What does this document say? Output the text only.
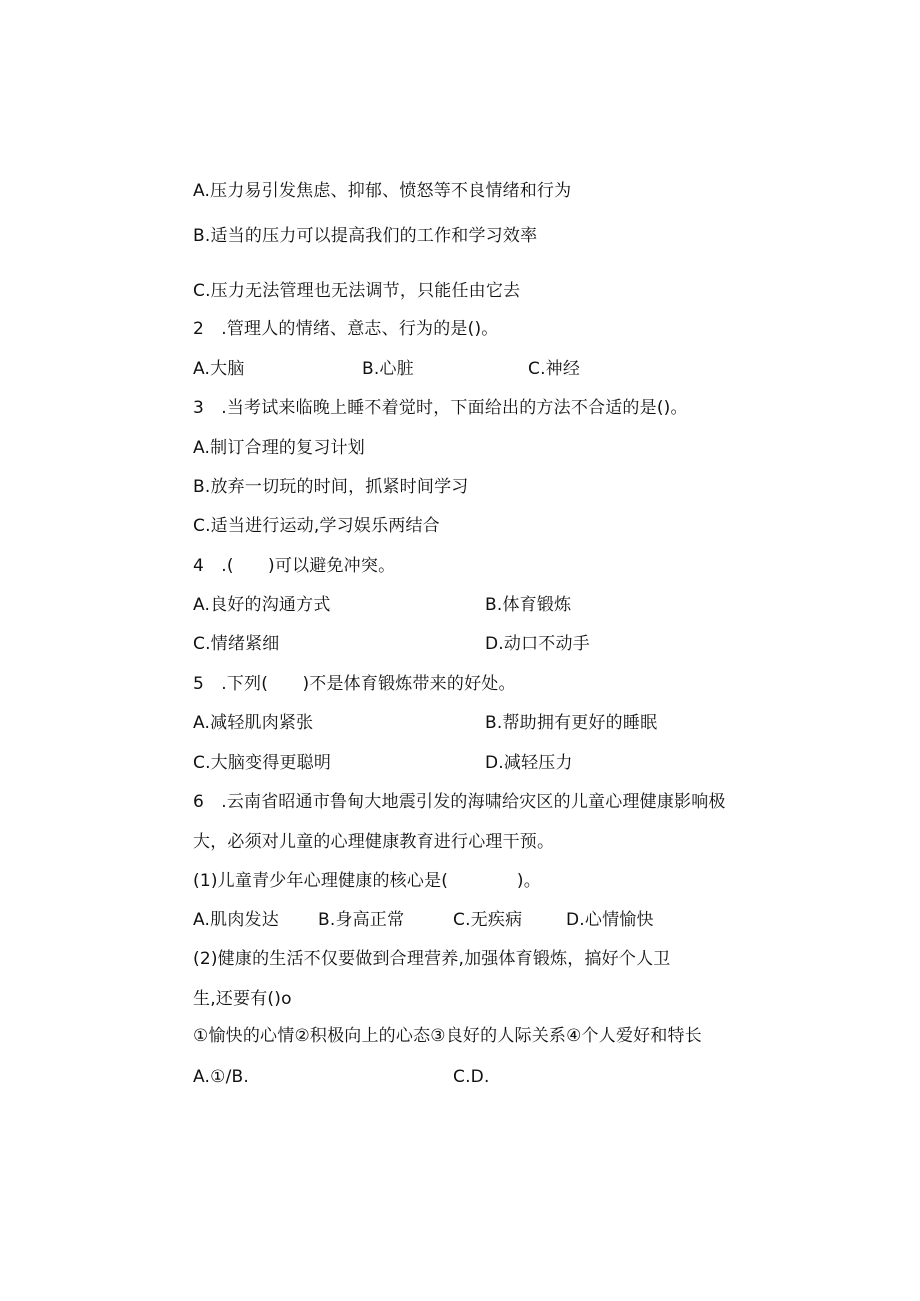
A.压力易引发焦虑、抑郁、愤怒等不良情绪和行为
B.适当的压力可以提高我们的工作和学习效率
C.压力无法管理也无法调节，只能任由它去
2　.管理人的情绪、意志、行为的是()。
A.大脑	B.心脏	C.神经
3　.当考试来临晚上睡不着觉时，下面给出的方法不合适的是()。
A.制订合理的复习计划
B.放弃一切玩的时间，抓紧时间学习
C.适当进行运动,学习娱乐两结合
4　.(　　)可以避免冲突。
A.良好的沟通方式	B.体育锻炼
C.情绪紧细	D.动口不动手
5　.下列(　　)不是体育锻炼带来的好处。
A.减轻肌肉紧张	B.帮助拥有更好的睡眠
C.大脑变得更聪明	D.减轻压力
6　.云南省昭通市鲁甸大地震引发的海啸给灾区的儿童心理健康影响极
大，必须对儿童的心理健康教育进行心理干预。
(1)儿童青少年心理健康的核心是(　　　　)。
A.肌肉发达 B.身高正常	C.无疾病	D.心情愉快
(2)健康的生活不仅要做到合理营养,加强体育锻炼，搞好个人卫
生,还要有()o
①愉快的心情②积极向上的心态③良好的人际关系④个人爱好和特长
A.①/B.	C.D.
